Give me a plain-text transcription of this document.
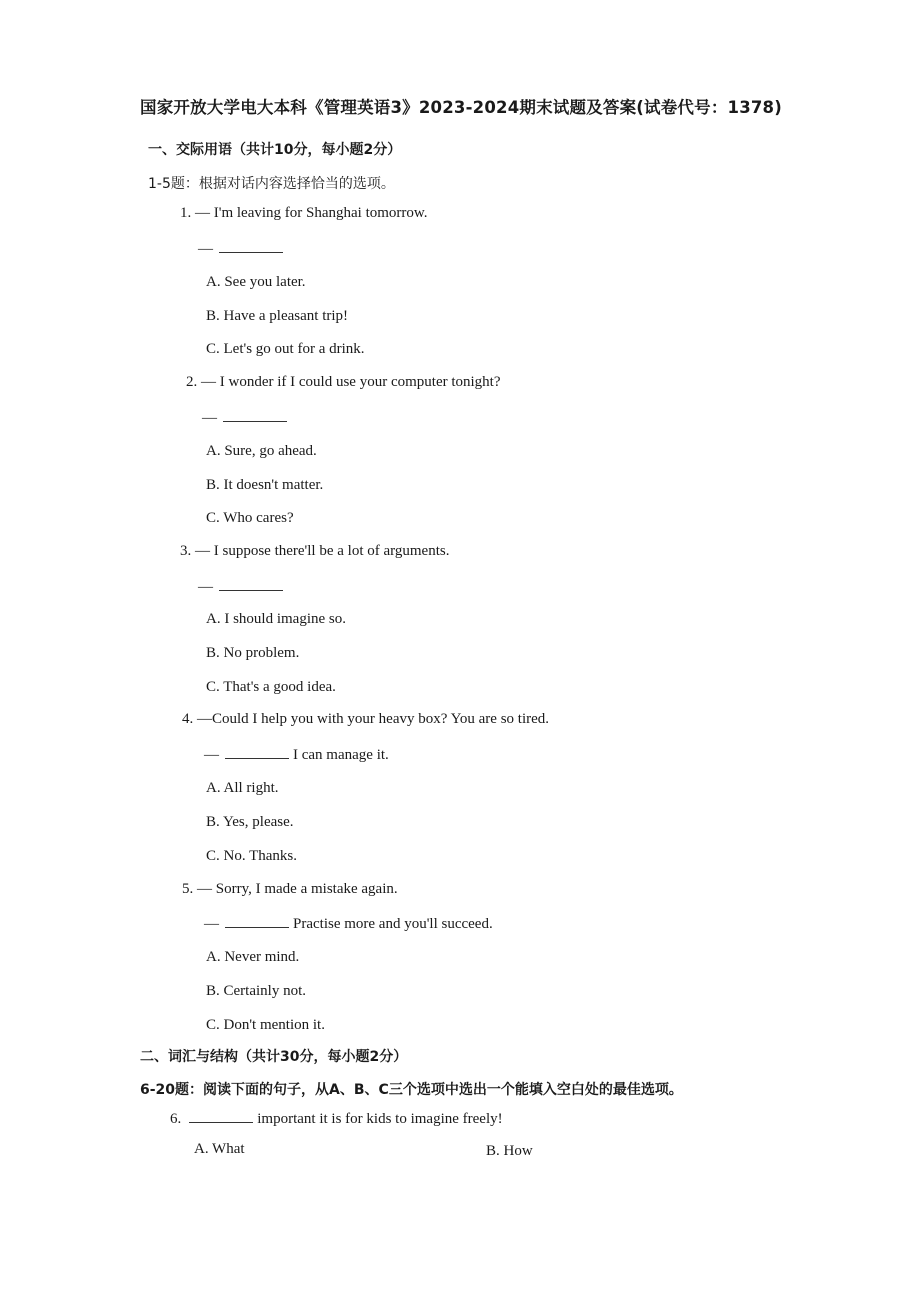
国家开放大学电大本科《管理英语3》2023-2024期末试题及答案(试卷代号：1378)
一、交际用语（共计10分，每小题2分）
1-5题：根据对话内容选择恰当的选项。
1. — I'm leaving for Shanghai tomorrow.
—
A. See you later.
B. Have a pleasant trip!
C. Let's go out for a drink.
2. — I wonder if I could use your computer tonight?
—
A. Sure, go ahead.
B. It doesn't matter.
C. Who cares?
3. — I suppose there'll be a lot of arguments.
—
A. I should imagine so.
B. No problem.
C. That's a good idea.
4. —Could I help you with your heavy box? You are so tired.
—	I can manage it.
A. All right.
B. Yes, please.
C. No. Thanks.
5. — Sorry, I made a mistake again.
—	Practise more and you'll succeed.
A. Never mind.
B. Certainly not.
C. Don't mention it.
二、词汇与结构（共计30分，每小题2分）
6-20题：阅读下面的句子，从A、B、C三个选项中选出一个能填入空白处的最佳选项。
6.	important it is for kids to imagine freely!
A. What	B. How
